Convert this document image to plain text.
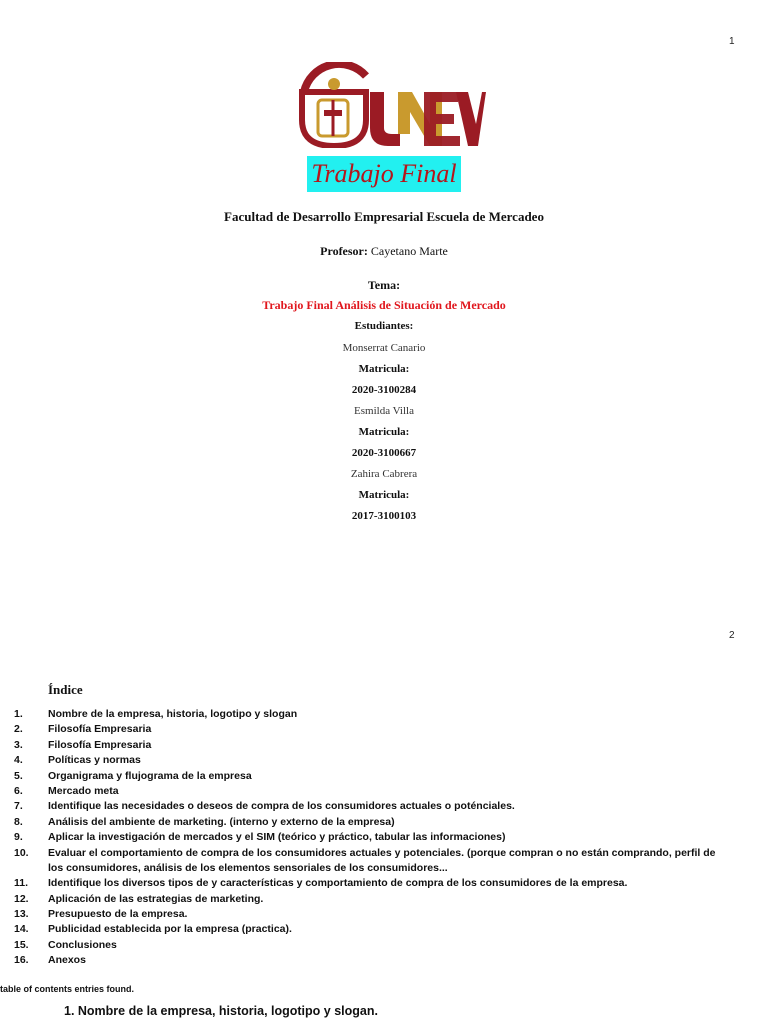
1
Trabajo Final
Facultad de Desarrollo Empresarial Escuela de Mercadeo
Profesor: Cayetano Marte
Tema:
Trabajo Final Análisis de Situación de Mercado
Estudiantes:
Monserrat Canario
Matricula:
2020-3100284
Esmilda Villa
Matricula:
2020-3100667
Zahira Cabrera
Matricula:
2017-3100103
2
Índice
1.	Nombre de la empresa, historia, logotipo y slogan
2.	Filosofía Empresaria
3.	Filosofía Empresaria
4.	Políticas y normas
5.	Organigrama y flujograma de la empresa
6.	Mercado meta
7.	Identifique las necesidades o deseos de compra de los consumidores actuales o poténciales.
8.	Análisis del ambiente de marketing. (interno y externo de la empresa)
9.	Aplicar la investigación de mercados y el SIM (teórico y práctico, tabular las informaciones)
10.	Evaluar el comportamiento de compra de los consumidores actuales y potenciales. (porque compran o no están comprando, perfil de los consumidores, análisis de los elementos sensoriales de los consumidores...
11.	Identifique los diversos tipos de y características y comportamiento de compra de los consumidores de la empresa.
12.	Aplicación de las estrategias de marketing.
13.	Presupuesto de la empresa.
14.	Publicidad establecida por la empresa (practica).
15.	Conclusiones
16.	Anexos
table of contents entries found.
1. Nombre de la empresa, historia, logotipo y slogan.
